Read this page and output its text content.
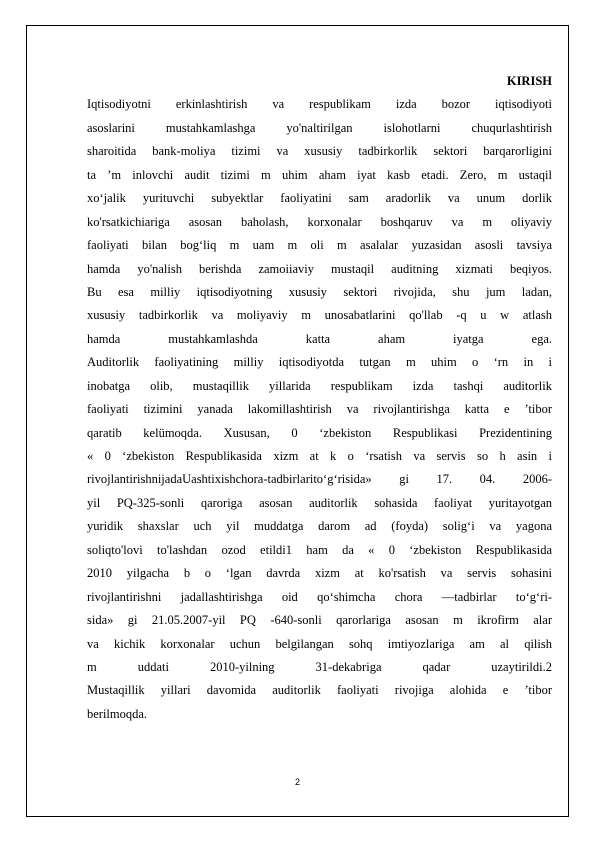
KIRISH
Iqtisodiyotni erkinlashtirish va respublikam izda bozor iqtisodiyoti
asoslarini mustahkamlashga yo'naltirilgan islohotlarni chuqurlashtirish
sharoitida bank-moliya tizimi va xususiy tadbirkorlik sektori barqarorligini
ta ’m inlovchi audit tizimi m uhim aham iyat kasb etadi. Zero, m ustaqil
xo‘jalik yurituvchi subyektlar faoliyatini sam aradorlik va unum dorlik
ko'rsatkichiariga asosan baholash, korxonalar boshqaruv va m oliyaviy
faoliyati bilan bog‘liq m uam m oli m asalalar yuzasidan asosli tavsiya
hamda yo'nalish berishda zamoiiaviy mustaqil auditning xizmati beqiyos.
Bu esa milliy iqtisodiyotning xususiy sektori rivojida, shu jum ladan,
xususiy tadbirkorlik va moliyaviy m unosabatlarini qo'llab -q u w atlash
hamda mustahkamlashda katta aham iyatga ega.
Auditorlik faoliyatining milliy iqtisodiyotda tutgan m uhim o ‘rn in i
inobatga olib, mustaqillik yillarida respublikam izda tashqi auditorlik
faoliyati tizimini yanada lakomillashtirish va rivojlantirishga katta e ’tibor
qaratib kelümoqda. Xususan, 0 ‘zbekiston Respublikasi Prezidentining
« 0 ‘zbekiston Respublikasida xizm at k o ‘rsatish va servis so h asin i
rivojlantirishnijadaUashtixishchora-tadbirlarito‘g‘risida» gi 17. 04. 2006-
yil PQ-325-sonli qaroriga asosan auditorlik sohasida faoliyat yuritayotgan
yuridik shaxslar uch yil muddatga darom ad (foyda) solig‘i va yagona
soliqto'lovi to'lashdan ozod etildi1 ham da « 0 ‘zbekiston Respublikasida
2010 yilgacha b o ‘lgan davrda xizm at ko'rsatish va servis sohasini
rivojlantirishni jadallashtirishga oid qo‘shimcha chora —tadbirlar to‘g‘ri-
sida» gi 21.05.2007-yil PQ -640-sonli qarorlariga asosan m ikrofirm alar
va kichik korxonalar uchun belgilangan sohq imtiyozlariga am al qilish
m uddati 2010-yilning 31-dekabriga qadar uzaytirildi.2
Mustaqillik yillari davomida auditorlik faoliyati rivojiga alohida e ’tibor
berilmoqda.
2
